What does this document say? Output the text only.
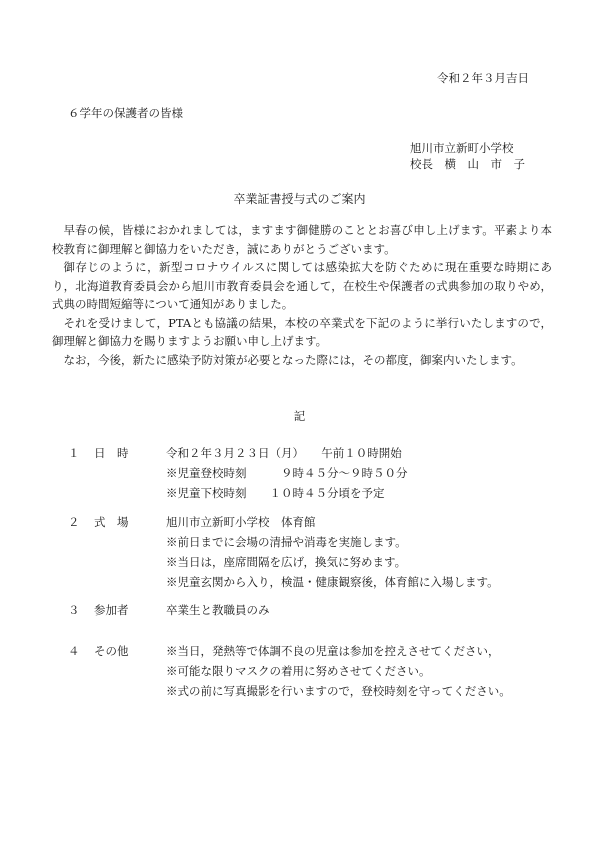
令和２年３月吉日
６学年の保護者の皆様
旭川市立新町小学校
校長　横　山　市　子
卒業証書授与式のご案内

早春の候，皆様におかれましては，ますます御健勝のこととお喜び申し上げます。平素より本校教育に御理解と御協力をいただき，誠にありがとうございます。

御存じのように，新型コロナウイルスに関しては感染拡大を防ぐために現在重要な時期にあり，北海道教育委員会から旭川市教育委員会を通して，在校生や保護者の式典参加の取りやめ，式典の時間短縮等について通知がありました。

それを受けまして，PTAとも協議の結果，本校の卒業式を下記のように挙行いたしますので，御理解と御協力を賜りますようお願い申し上げます。

なお，今後，新たに感染予防対策が必要となった際には，その都度，御案内いたします。

記
１	日　時	令和２年３月２３日（月）　　午前１０時開始
※児童登校時刻　　　９時４５分～９時５０分
※児童下校時刻　　１０時４５分頃を予定
２	式　場	旭川市立新町小学校　体育館
※前日までに会場の清掃や消毒を実施します。
※当日は，座席間隔を広げ，換気に努めます。
※児童玄関から入り，検温・健康観察後，体育館に入場します。
３	参加者	卒業生と教職員のみ
４	その他	※当日，発熱等で体調不良の児童は参加を控えさせてください，
※可能な限りマスクの着用に努めさせてください。
※式の前に写真撮影を行いますので，登校時刻を守ってください。
